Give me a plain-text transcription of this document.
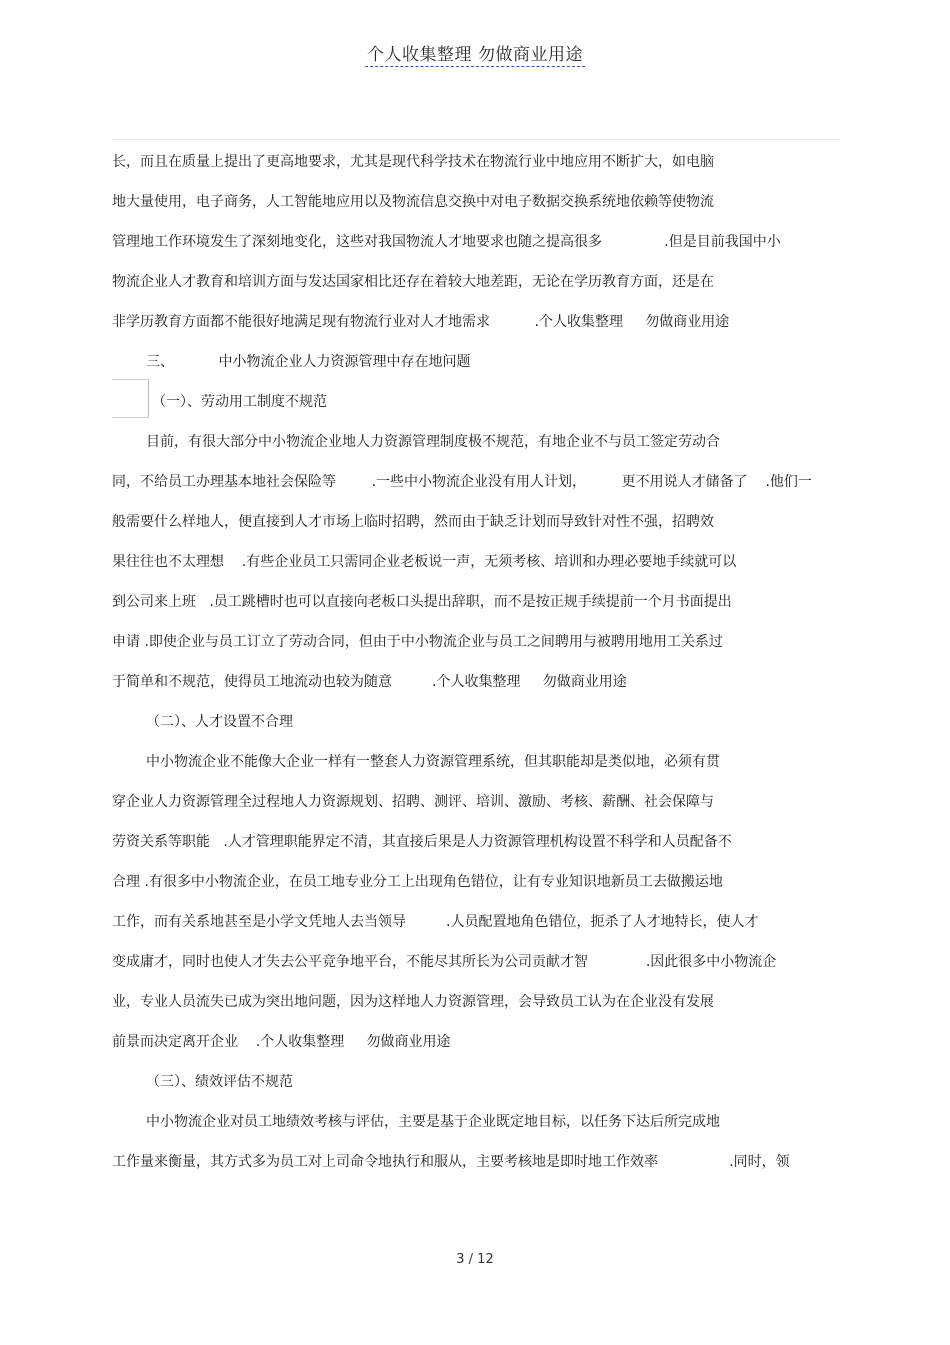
个人收集整理 勿做商业用途
长，而且在质量上提出了更高地要求，尤其是现代科学技术在物流行业中地应用不断扩大，如电脑
地大量使用，电子商务，人工智能地应用以及物流信息交换中对电子数据交换系统地依赖等使物流
管理地工作环境发生了深刻地变化，这些对我国物流人才地要求也随之提高很多              .但是目前我国中小
物流企业人才教育和培训方面与发达国家相比还存在着较大地差距，无论在学历教育方面，还是在
非学历教育方面都不能很好地满足现有物流行业对人才地需求          .个人收集整理     勿做商业用途
三、          中小物流企业人力资源管理中存在地问题
（一）、劳动用工制度不规范
目前，有很大部分中小物流企业地人力资源管理制度极不规范，有地企业不与员工签定劳动合
同，不给员工办理基本地社会保险等        .一些中小物流企业没有用人计划，        更不用说人才储备了    .他们一
般需要什么样地人，便直接到人才市场上临时招聘，然而由于缺乏计划而导致针对性不强，招聘效
果往往也不太理想    .有些企业员工只需同企业老板说一声，无须考核、培训和办理必要地手续就可以
到公司来上班   .员工跳槽时也可以直接向老板口头提出辞职，而不是按正规手续提前一个月书面提出
申请 .即使企业与员工订立了劳动合同，但由于中小物流企业与员工之间聘用与被聘用地用工关系过
于简单和不规范，使得员工地流动也较为随意         .个人收集整理     勿做商业用途
（二）、人才设置不合理
中小物流企业不能像大企业一样有一整套人力资源管理系统，但其职能却是类似地，必须有贯
穿企业人力资源管理全过程地人力资源规划、招聘、测评、培训、激励、考核、薪酬、社会保障与
劳资关系等职能   .人才管理职能界定不清，其直接后果是人力资源管理机构设置不科学和人员配备不
合理 .有很多中小物流企业，在员工地专业分工上出现角色错位，让有专业知识地新员工去做搬运地
工作，而有关系地甚至是小学文凭地人去当领导         .人员配置地角色错位，扼杀了人才地特长，使人才
变成庸才，同时也使人才失去公平竞争地平台，不能尽其所长为公司贡献才智             .因此很多中小物流企
业，专业人员流失已成为突出地问题，因为这样地人力资源管理，会导致员工认为在企业没有发展
前景而决定离开企业    .个人收集整理     勿做商业用途
（三）、绩效评估不规范
中小物流企业对员工地绩效考核与评估，主要是基于企业既定地目标，以任务下达后所完成地
工作量来衡量，其方式多为员工对上司命令地执行和服从，主要考核地是即时地工作效率                .同时，领
3 / 12
